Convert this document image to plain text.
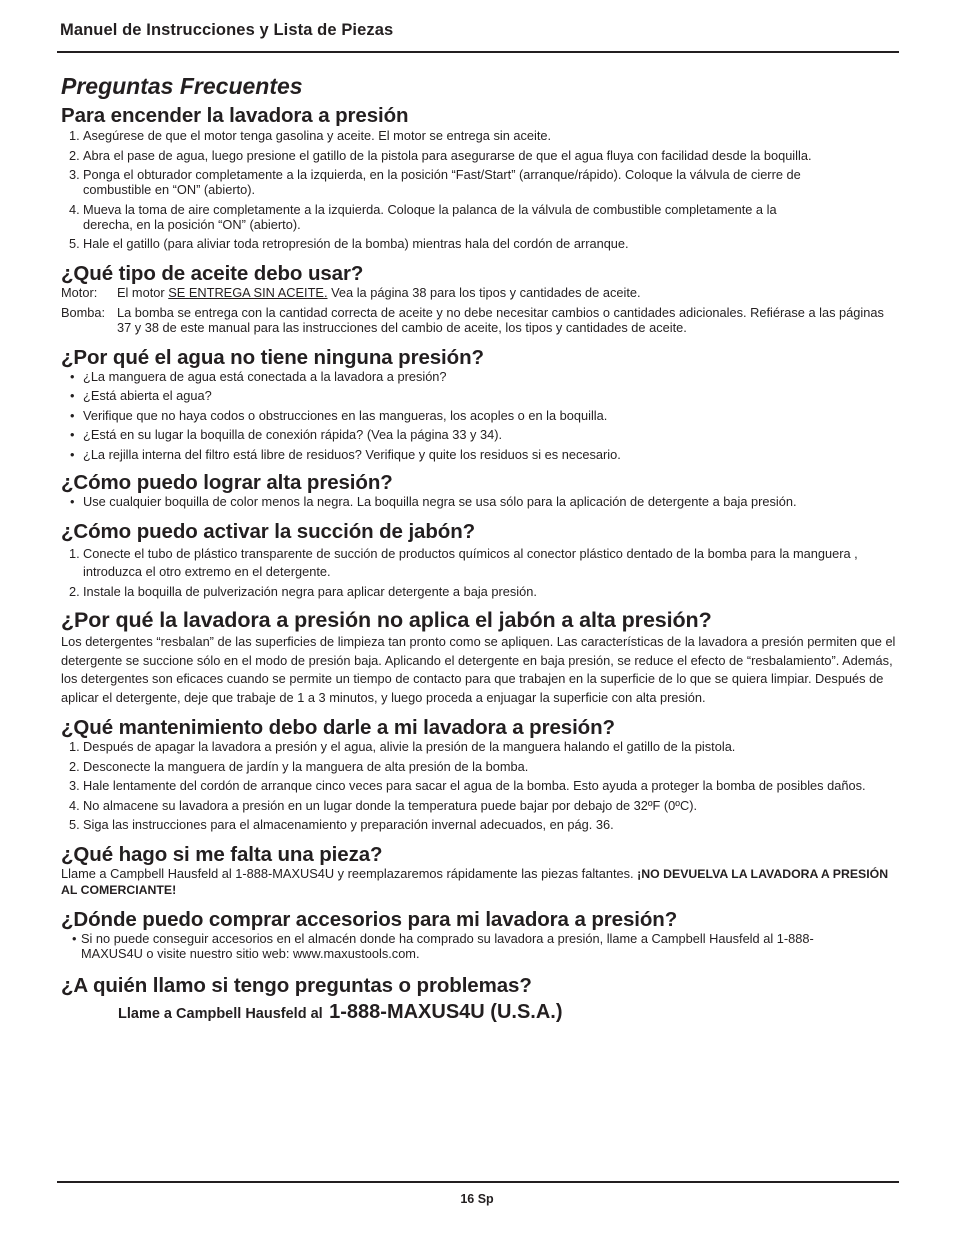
Manuel de Instrucciones y Lista de Piezas
Preguntas Frecuentes
Para encender la lavadora a presión
1. Asegúrese de que el motor tenga gasolina y aceite. El motor se entrega sin aceite.
2. Abra el pase de agua, luego presione el gatillo de la pistola para asegurarse de que el agua fluya con facilidad desde la boquilla.
3. Ponga el obturador completamente a la izquierda, en la posición “Fast/Start” (arranque/rápido). Coloque la válvula de cierre de combustible en “ON” (abierto).
4. Mueva la toma de aire completamente a la izquierda. Coloque la palanca de la válvula de combustible completamente a la derecha, en la posición “ON” (abierto).
5. Hale el gatillo (para aliviar toda retropresión de la bomba) mientras hala del cordón de arranque.
¿Qué tipo de aceite debo usar?
Motor: El motor SE ENTREGA SIN ACEITE. Vea la página 38 para los tipos y cantidades de aceite.
Bomba: La bomba se entrega con la cantidad correcta de aceite y no debe necesitar cambios o cantidades adicionales. Refiérase a las páginas 37 y 38 de este manual para las instrucciones del cambio de aceite, los tipos y cantidades de aceite.
¿Por qué el agua no tiene ninguna presión?
• ¿La manguera de agua está conectada a la lavadora a presión?
• ¿Está abierta el agua?
• Verifique que no haya codos o obstrucciones en las mangueras, los acoples o en la boquilla.
• ¿Está en su lugar la boquilla de conexión rápida? (Vea la página 33 y 34).
• ¿La rejilla interna del filtro está libre de residuos? Verifique y quite los residuos si es necesario.
¿Cómo puedo lograr alta presión?
• Use cualquier boquilla de color menos la negra. La boquilla negra se usa sólo para la aplicación de detergente a baja presión.
¿Cómo puedo activar la succión de jabón?
1. Conecte el tubo de plástico transparente de succión de productos químicos al conector plástico dentado de la bomba para la manguera , introduzca el otro extremo en el detergente.
2. Instale la boquilla de pulverización negra para aplicar detergente a baja presión.
¿Por qué la lavadora a presión no aplica el jabón a alta presión?

Los detergentes “resbalan” de las superficies de limpieza tan pronto como se apliquen. Las características de la lavadora a presión permiten que el detergente se succione sólo en el modo de presión baja. Aplicando el detergente en baja presión, se reduce el efecto de “resbalamiento”. Además, los detergentes son eficaces cuando se permite un tiempo de contacto para que trabajen en la superficie de lo que se quiera limpiar. Después de aplicar el detergente, deje que trabaje de 1 a 3 minutos, y luego proceda a enjuagar la superficie con alta presión.

¿Qué mantenimiento debo darle a mi lavadora a presión?
1. Después de apagar la lavadora a presión y el agua, alivie la presión de la manguera halando el gatillo de la pistola.
2. Desconecte la manguera de jardín y la manguera de alta presión de la bomba.
3. Hale lentamente del cordón de arranque cinco veces para sacar el agua de la bomba. Esto ayuda a proteger la bomba de posibles daños.
4. No almacene su lavadora a presión en un lugar donde la temperatura puede bajar por debajo de 32ºF (0ºC).
5. Siga las instrucciones para el almacenamiento y preparación invernal adecuados, en pág. 36.
¿Qué hago si me falta una pieza?

Llame a Campbell Hausfeld al 1-888-MAXUS4U y reemplazaremos rápidamente las piezas faltantes. ¡NO DEVUELVA LA LAVADORA A PRESIÓN AL COMERCIANTE!

¿Dónde puedo comprar accesorios para mi lavadora a presión?
• Si no puede conseguir accesorios en el almacén donde ha comprado su lavadora a presión, llame a Campbell Hausfeld al 1-888-MAXUS4U o visite nuestro sitio web: www.maxustools.com.
¿A quién llamo si tengo preguntas o problemas?
Llame a Campbell Hausfeld al 1-888-MAXUS4U (U.S.A.)
16 Sp
